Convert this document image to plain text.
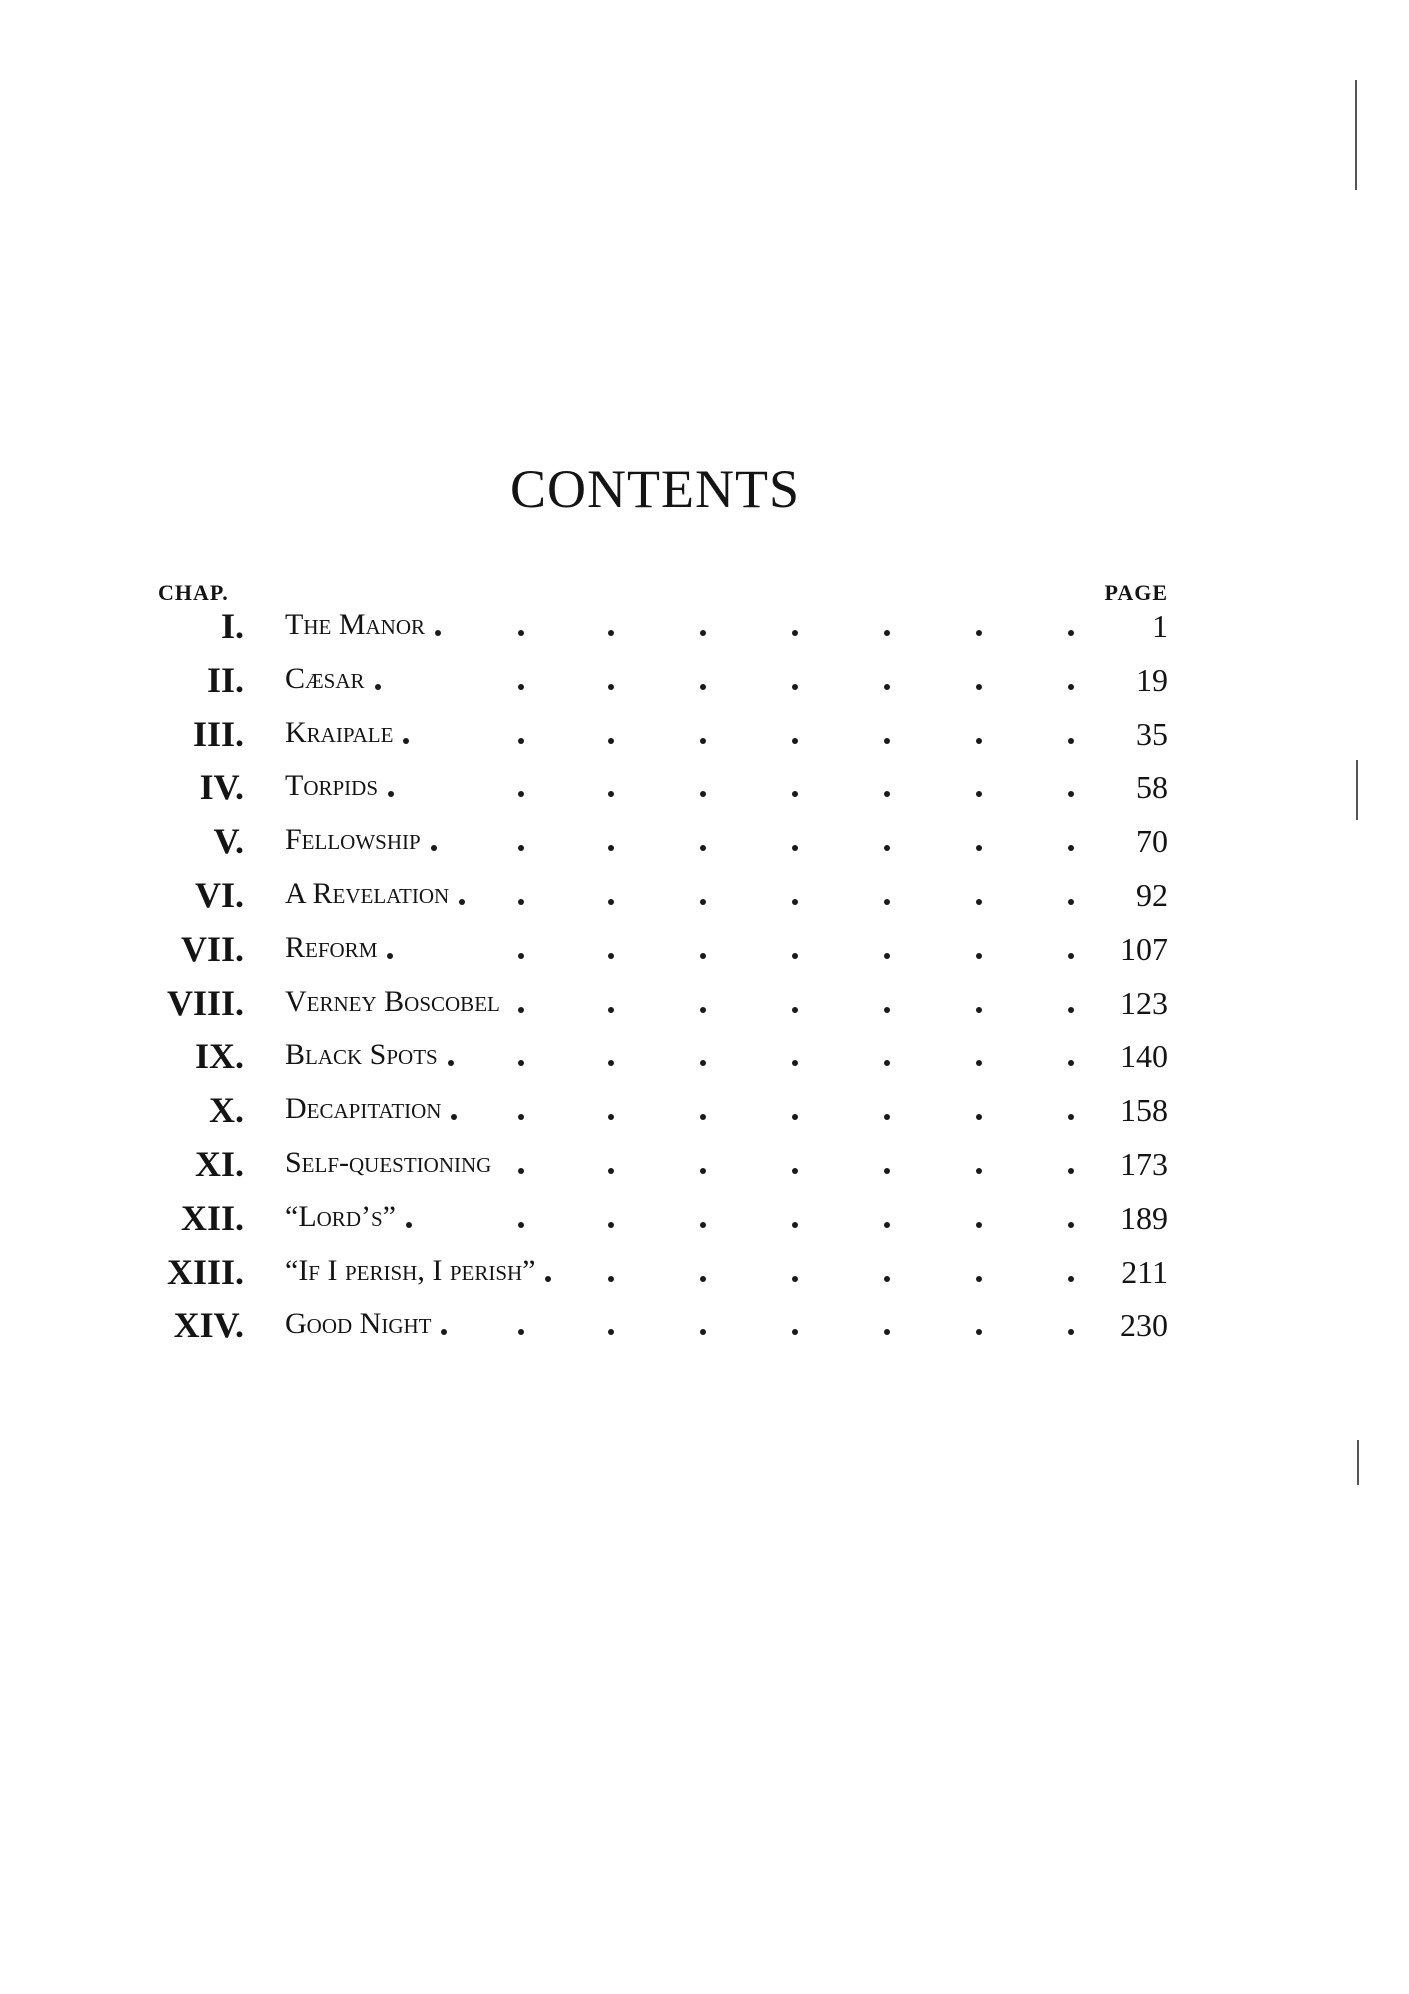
CONTENTS
CHAP.	PAGE
I. The Manor	1
II. Cæsar	19
III. Kraipale	35
IV. Torpids	58
V. Fellowship	70
VI. A Revelation	92
VII. Reform	107
VIII. Verney Boscobel	123
IX. Black Spots	140
X. Decapitation	158
XI. Self-questioning	173
XII. “Lord’s”	189
XIII. “If I perish, I perish”	211
XIV. Good Night	230
